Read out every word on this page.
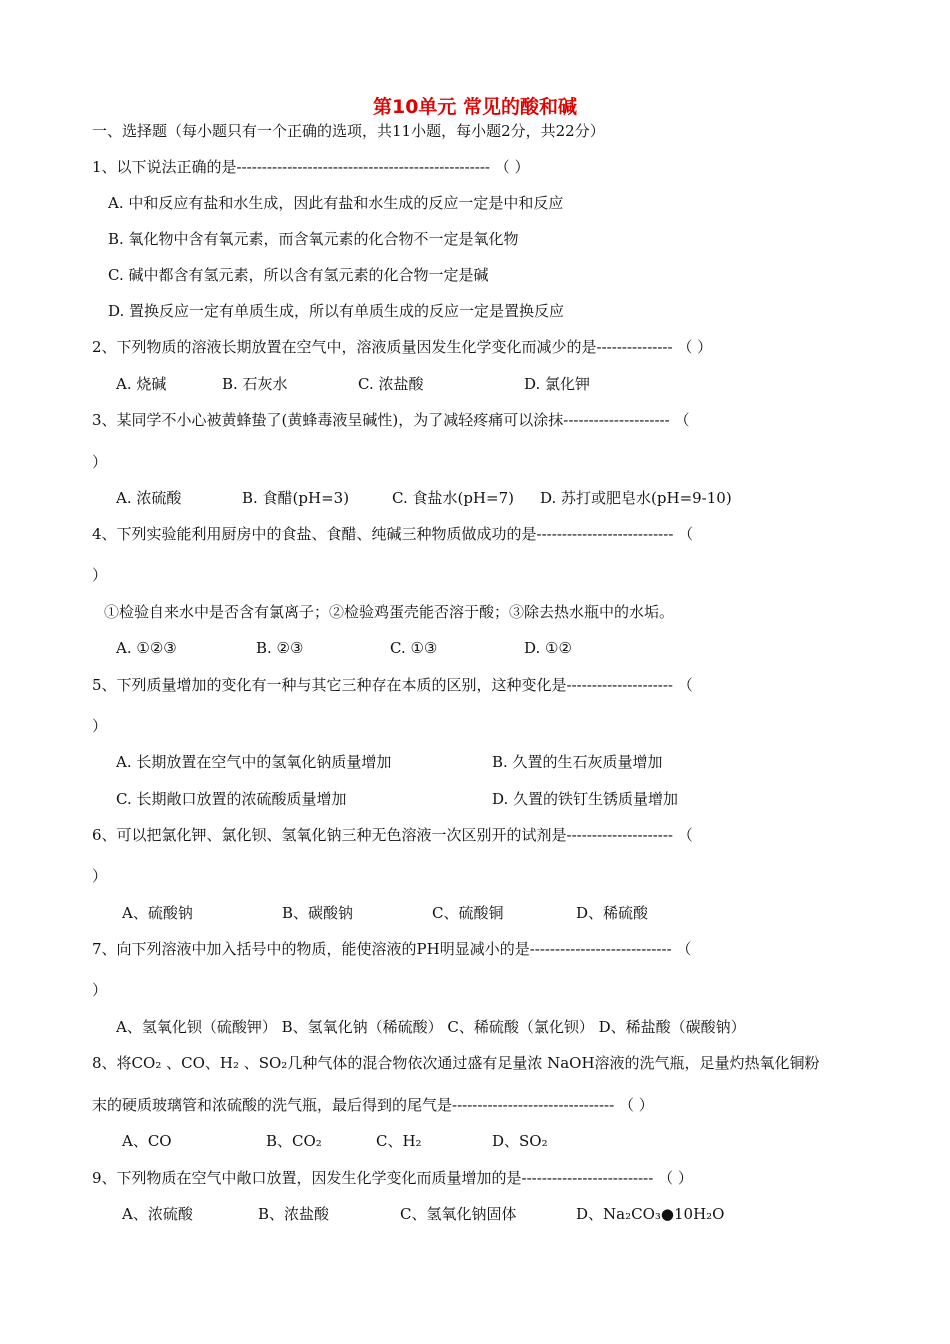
第10单元 常见的酸和碱
一、选择题（每小题只有一个正确的选项，共11小题，每小题2分，共22分）
1、以下说法正确的是-------------------------------------------------- （ ）
A. 中和反应有盐和水生成，因此有盐和水生成的反应一定是中和反应
B. 氧化物中含有氧元素，而含氧元素的化合物不一定是氧化物
C. 碱中都含有氢元素，所以含有氢元素的化合物一定是碱
D. 置换反应一定有单质生成，所以有单质生成的反应一定是置换反应
2、下列物质的溶液长期放置在空气中，溶液质量因发生化学变化而减少的是--------------- （ ）
A. 烧碱	B. 石灰水	C. 浓盐酸	D. 氯化钾
3、某同学不小心被黄蜂蛰了(黄蜂毒液呈碱性)，为了减轻疼痛可以涂抹--------------------- （
）
A. 浓硫酸	B. 食醋(pH=3)	C. 食盐水(pH=7) D. 苏打或肥皂水(pH=9-10)
4、下列实验能利用厨房中的食盐、食醋、纯碱三种物质做成功的是--------------------------- （
）
①检验自来水中是否含有氯离子；②检验鸡蛋壳能否溶于酸；③除去热水瓶中的水垢。
A. ①②③	B. ②③	C. ①③	D. ①②
5、下列质量增加的变化有一种与其它三种存在本质的区别，这种变化是--------------------- （
）
A. 长期放置在空气中的氢氧化钠质量增加	B. 久置的生石灰质量增加
C. 长期敞口放置的浓硫酸质量增加	D. 久置的铁钉生锈质量增加
6、可以把氯化钾、氯化钡、氢氧化钠三种无色溶液一次区别开的试剂是--------------------- （
）
A、硫酸钠	B、碳酸钠	C、硫酸铜	D、稀硫酸
7、向下列溶液中加入括号中的物质，能使溶液的PH明显减小的是---------------------------- （
）
A、氢氧化钡（硫酸钾） B、氢氧化钠（稀硫酸） C、稀硫酸（氯化钡） D、稀盐酸（碳酸钠）
8、将CO₂ 、CO、H₂ 、SO₂几种气体的混合物依次通过盛有足量浓 NaOH溶液的洗气瓶，足量灼热氧化铜粉
末的硬质玻璃管和浓硫酸的洗气瓶，最后得到的尾气是-------------------------------- （ ）
A、CO	B、CO₂	C、H₂	D、SO₂
9、下列物质在空气中敞口放置，因发生化学变化而质量增加的是-------------------------- （ ）
A、浓硫酸	B、浓盐酸	C、氢氧化钠固体	D、Na₂CO₃●10H₂O
